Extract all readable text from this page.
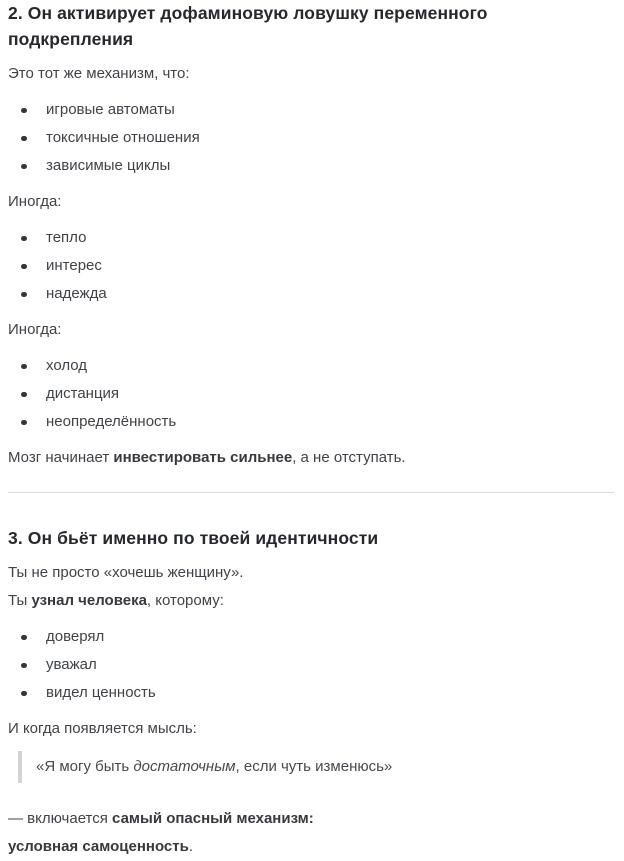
2. Он активирует дофаминовую ловушку переменного подкрепления

Это тот же механизм, что:

игровые автоматы
токсичные отношения
зависимые циклы

Иногда:

тепло
интерес
надежда

Иногда:

холод
дистанция
неопределённость

Мозг начинает инвестировать сильнее, а не отступать.

3. Он бьёт именно по твоей идентичности

Ты не просто «хочешь женщину».
Ты узнал человека, которому:

доверял
уважал
видел ценность

И когда появляется мысль:

«Я могу быть достаточным, если чуть изменюсь»

— включается самый опасный механизм:
условная самоценность.
